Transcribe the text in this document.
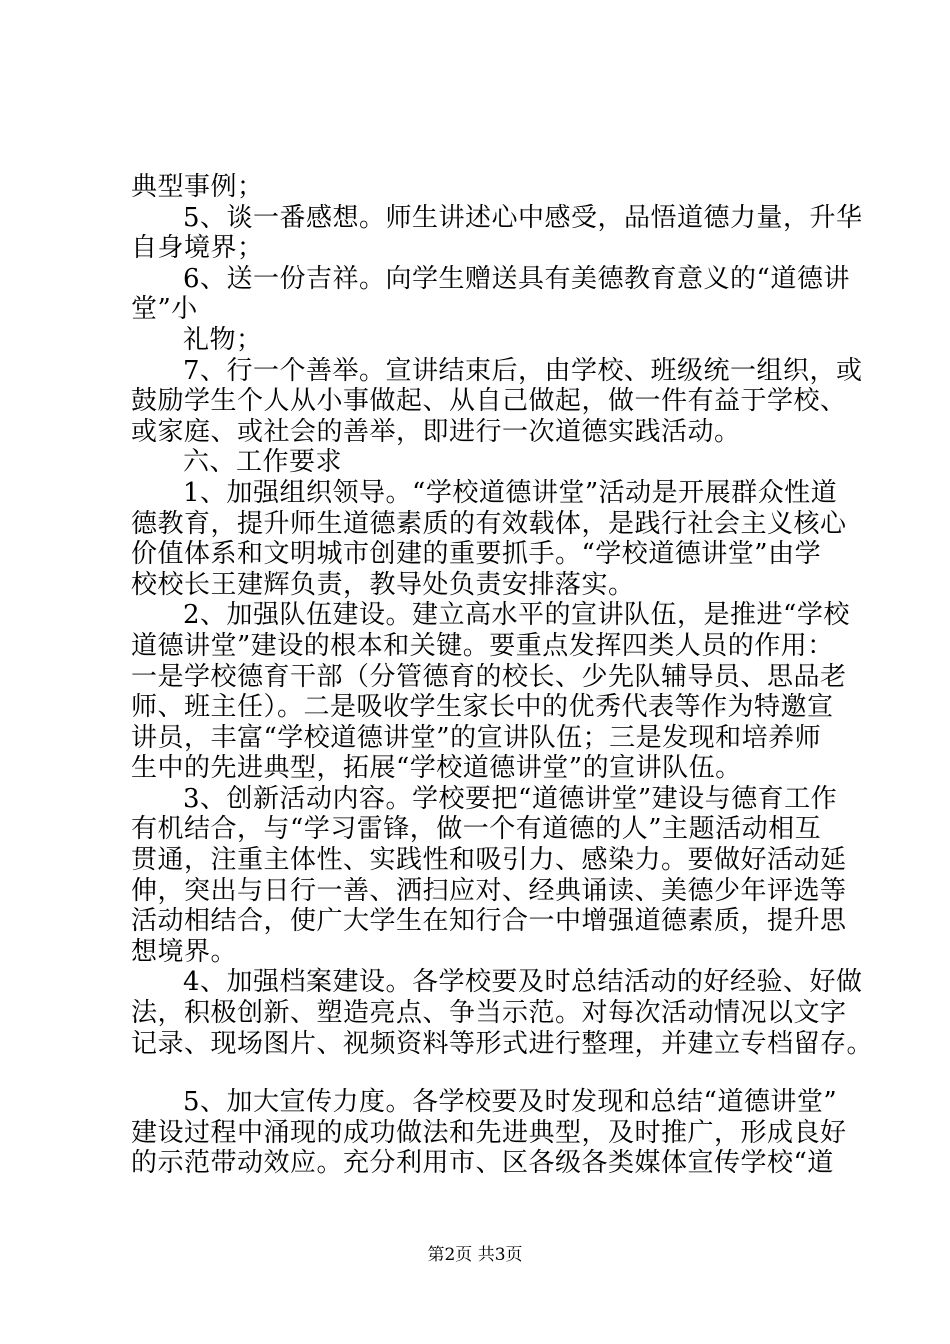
典型事例；
5、谈一番感想。师生讲述心中感受，品悟道德力量，升华
自身境界；
6、送一份吉祥。向学生赠送具有美德教育意义的“道德讲
堂”小
礼物；
7、行一个善举。宣讲结束后，由学校、班级统一组织，或
鼓励学生个人从小事做起、从自己做起，做一件有益于学校、
或家庭、或社会的善举，即进行一次道德实践活动。
六、工作要求
1、加强组织领导。“学校道德讲堂”活动是开展群众性道
德教育，提升师生道德素质的有效载体，是践行社会主义核心
价值体系和文明城市创建的重要抓手。“学校道德讲堂”由学
校校长王建辉负责，教导处负责安排落实。
2、加强队伍建设。建立高水平的宣讲队伍，是推进“学校
道德讲堂”建设的根本和关键。要重点发挥四类人员的作用：
一是学校德育干部（分管德育的校长、少先队辅导员、思品老
师、班主任）。二是吸收学生家长中的优秀代表等作为特邀宣
讲员，丰富“学校道德讲堂”的宣讲队伍；三是发现和培养师
生中的先进典型，拓展“学校道德讲堂”的宣讲队伍。
3、创新活动内容。学校要把“道德讲堂”建设与德育工作
有机结合，与“学习雷锋，做一个有道德的人”主题活动相互
贯通，注重主体性、实践性和吸引力、感染力。要做好活动延
伸，突出与日行一善、洒扫应对、经典诵读、美德少年评选等
活动相结合，使广大学生在知行合一中增强道德素质，提升思
想境界。
4、加强档案建设。各学校要及时总结活动的好经验、好做
法，积极创新、塑造亮点、争当示范。对每次活动情况以文字
记录、现场图片、视频资料等形式进行整理，并建立专档留存。
5、加大宣传力度。各学校要及时发现和总结“道德讲堂”
建设过程中涌现的成功做法和先进典型，及时推广，形成良好
的示范带动效应。充分利用市、区各级各类媒体宣传学校“道
第2页 共3页
